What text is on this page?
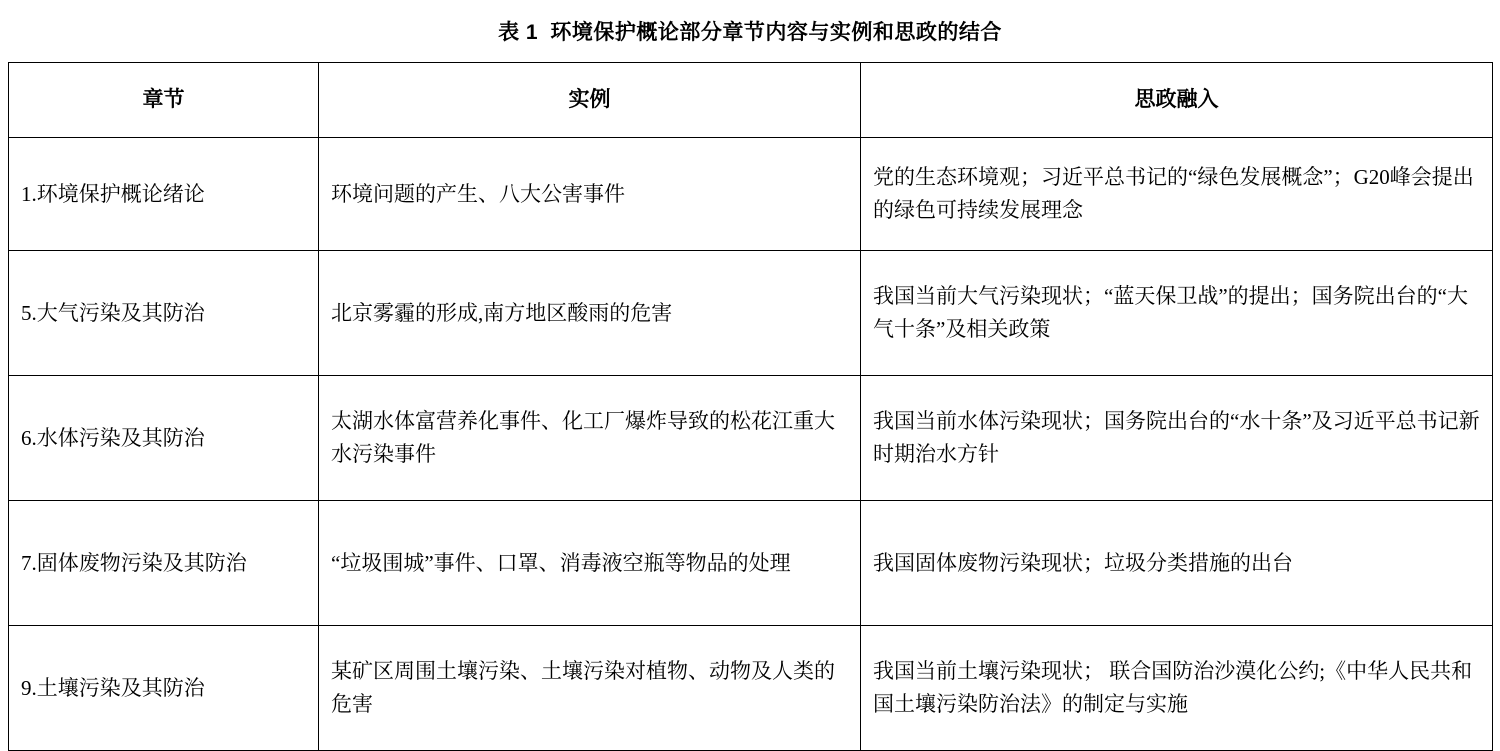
表 1 环境保护概论部分章节内容与实例和思政的结合
章节	实例	思政融入
1.环境保护概论绪论	环境问题的产生、八大公害事件	党的生态环境观；习近平总书记的“绿色发展概念”；G20峰会提出的绿色可持续发展理念
5.大气污染及其防治	北京雾霾的形成,南方地区酸雨的危害	我国当前大气污染现状；“蓝天保卫战”的提出；国务院出台的“大气十条”及相关政策
6.水体污染及其防治	太湖水体富营养化事件、化工厂爆炸导致的松花江重大水污染事件	我国当前水体污染现状；国务院出台的“水十条”及习近平总书记新时期治水方针
7.固体废物污染及其防治	“垃圾围城”事件、口罩、消毒液空瓶等物品的处理	我国固体废物污染现状；垃圾分类措施的出台
9.土壤污染及其防治	某矿区周围土壤污染、土壤污染对植物、动物及人类的危害	我国当前土壤污染现状； 联合国防治沙漠化公约;《中华人民共和国土壤污染防治法》的制定与实施
